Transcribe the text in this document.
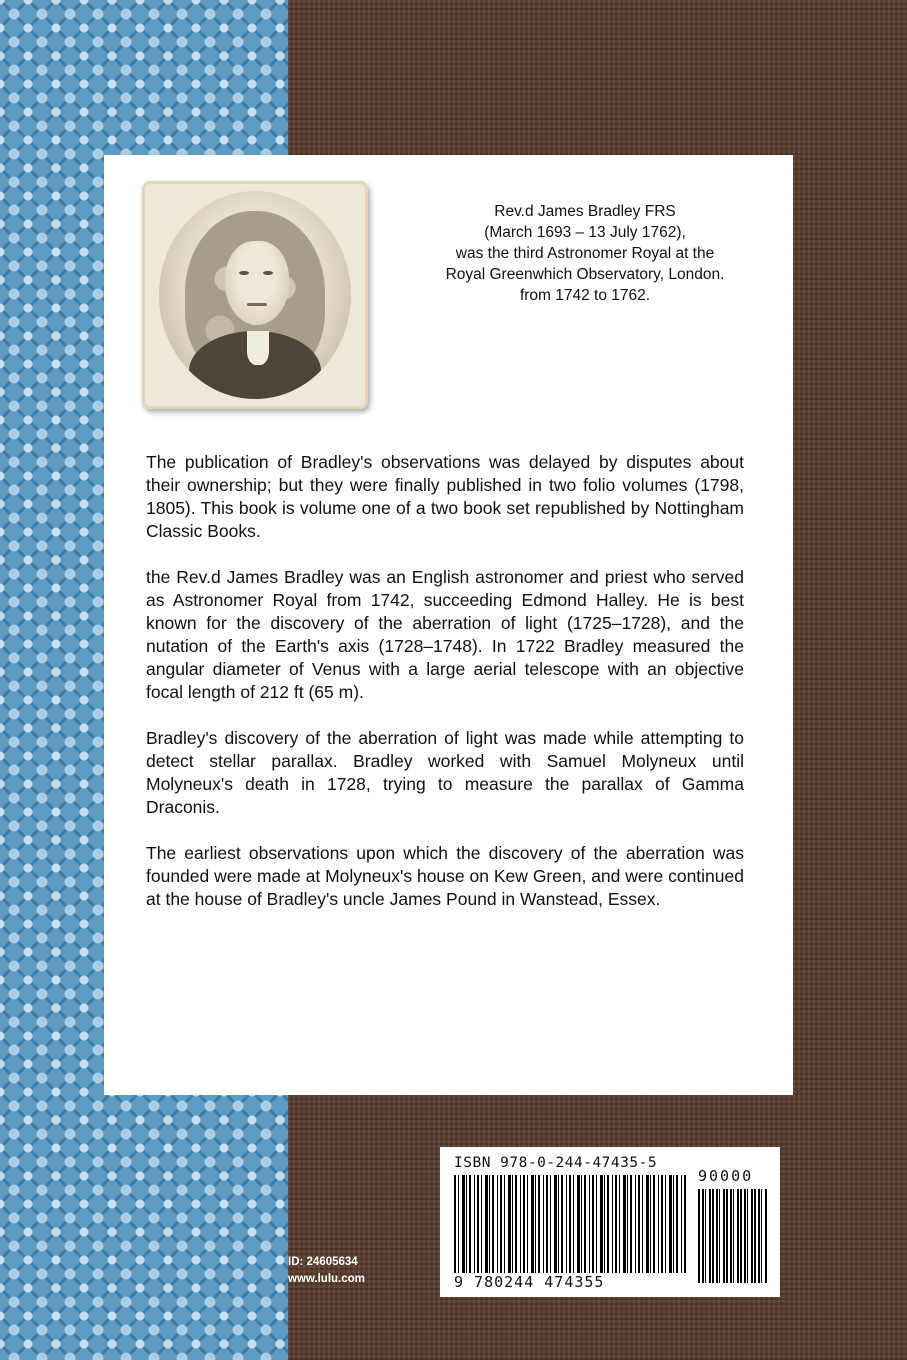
Rev.d James Bradley FRS
(March 1693 – 13 July 1762),
was the third Astronomer Royal at the
Royal Greenwhich Observatory, London.
from 1742 to 1762.

The publication of Bradley's observations was delayed by disputes about their ownership; but they were finally published in two folio volumes (1798, 1805). This book is volume one of a two book set republished by Nottingham Classic Books.

the Rev.d James Bradley was an English astronomer and priest who served as Astronomer Royal from 1742, succeeding Edmond Halley. He is best known for the discovery of the aberration of light (1725–1728), and the nutation of the Earth's axis (1728–1748). In 1722 Bradley measured the angular diameter of Venus with a large aerial telescope with an objective focal length of 212 ft (65 m).

Bradley's discovery of the aberration of light was made while attempting to detect stellar parallax. Bradley worked with Samuel Molyneux until Molyneux's death in 1728, trying to measure the parallax of Gamma Draconis.

The earliest observations upon which the discovery of the aberration was founded were made at Molyneux's house on Kew Green, and were continued at the house of Bradley's uncle James Pound in Wanstead, Essex.

ID: 24605634
www.lulu.com
ISBN 978-0-244-47435-5
9 780244 474355
90000
